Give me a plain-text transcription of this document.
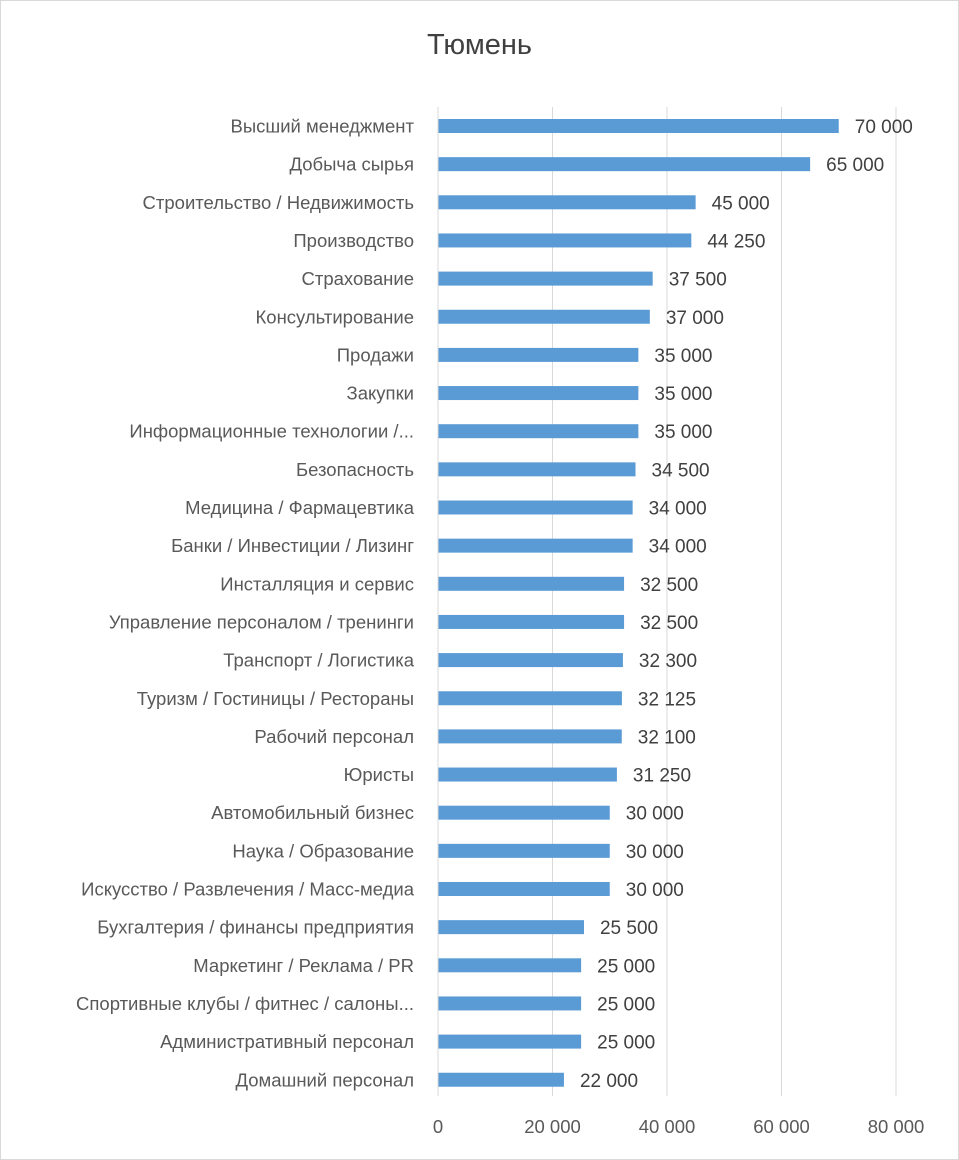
Тюмень
0	20 000	40 000	60 000	80 000
Высший менеджмент	70 000
Добыча сырья	65 000
Строительство / Недвижимость	45 000
Производство	44 250
Страхование	37 500
Консультирование	37 000
Продажи	35 000
Закупки	35 000
Информационные технологии /...	35 000
Безопасность	34 500
Медицина / Фармацевтика	34 000
Банки / Инвестиции / Лизинг	34 000
Инсталляция и сервис	32 500
Управление персоналом / тренинги	32 500
Транспорт / Логистика	32 300
Туризм / Гостиницы / Рестораны	32 125
Рабочий персонал	32 100
Юристы	31 250
Автомобильный бизнес	30 000
Наука / Образование	30 000
Искусство / Развлечения / Масс-медиа	30 000
Бухгалтерия / финансы предприятия	25 500
Маркетинг / Реклама / PR	25 000
Спортивные клубы / фитнес / салоны...	25 000
Административный персонал	25 000
Домашний персонал	22 000
